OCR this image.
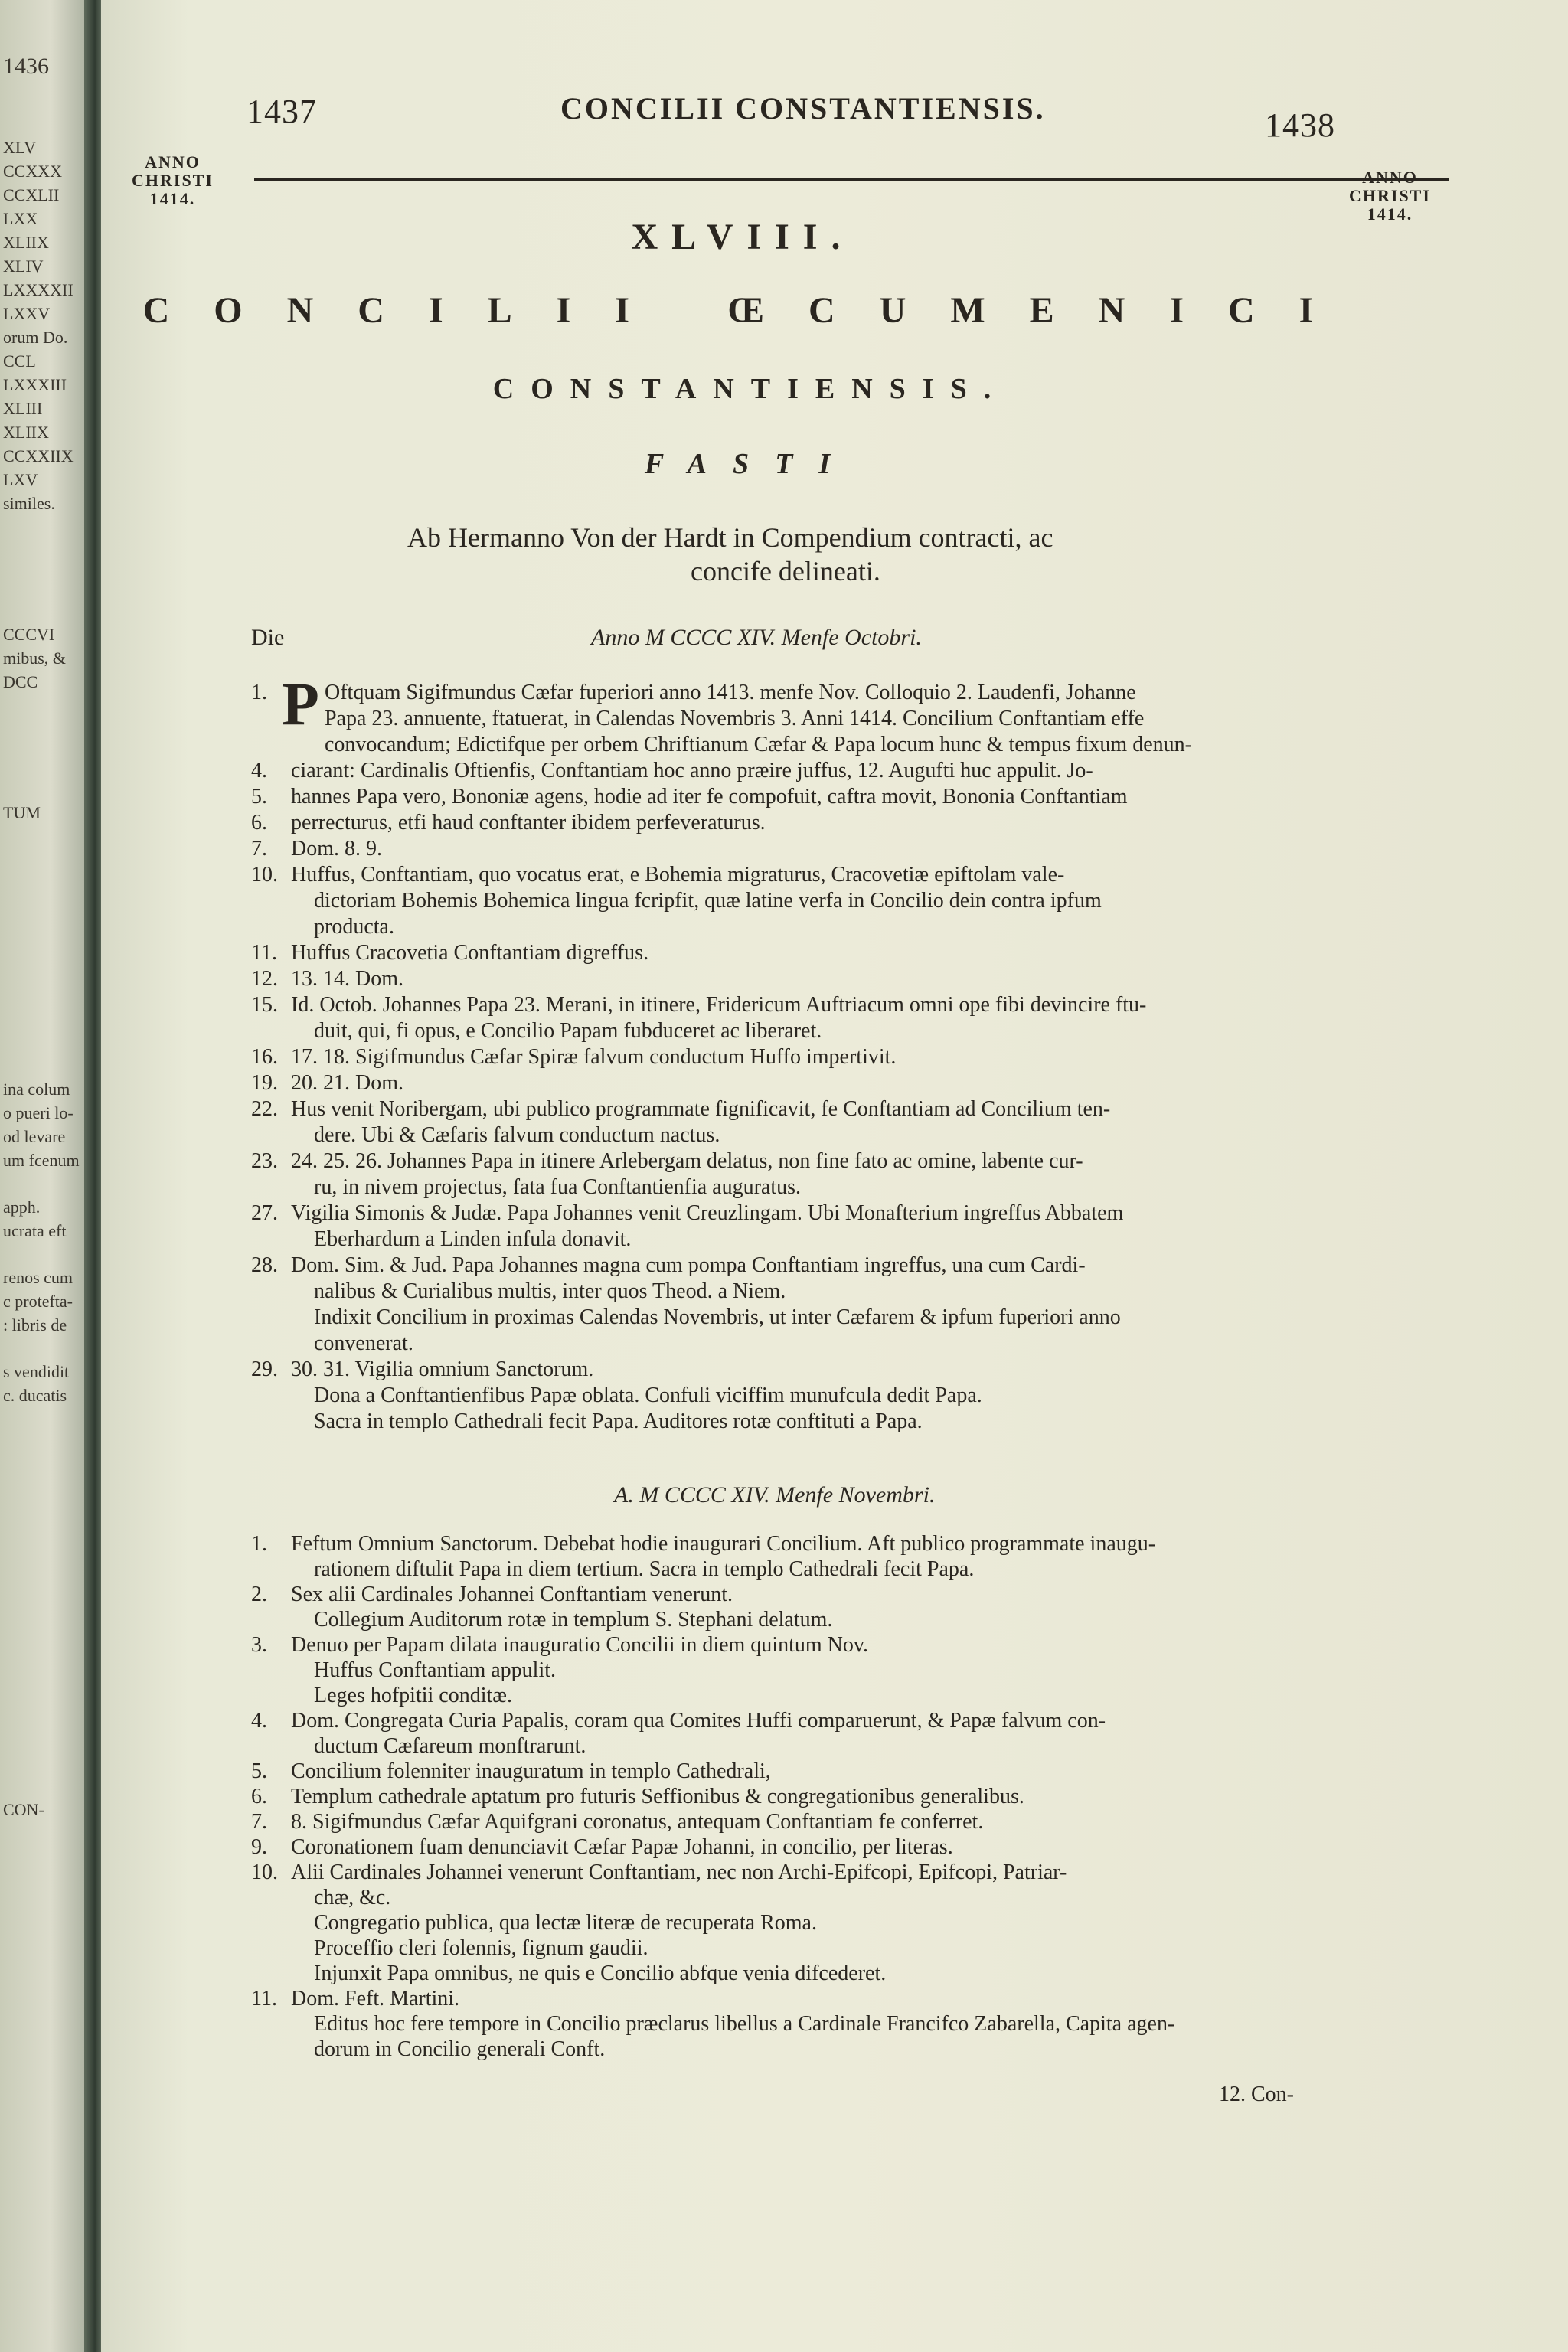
1436
XLV
CCXXX
CCXLII
LXX
XLIIX
XLIV
LXXXXII
LXXV
orum Do.
CCL
LXXXIII
XLIII
XLIIX
CCXXIIX
LXV
similes.
CCCVI
mibus, &
DCC
TUM
ina colum
o pueri lo-
od levare
um fcenum
apph.
ucrata eft
renos cum
c protefta-
: libris de
s vendidit
c. ducatis
CON-
1437	CONCILII CONSTANTIENSIS.	1438
ANNO
CHRISTI
1414.
ANNO
CHRISTI
1414.
XLVIII.
CONCILII ŒCUMENICI
CONSTANTIENSIS.
FASTI
Ab Hermanno Von der Hardt in Compendium contracti, ac
concife delineati.
Die	Anno M CCCC XIV. Menfe Octobri.
P
1.	Oftquam Sigifmundus Cæfar fuperiori anno 1413. menfe Nov. Colloquio 2. Laudenfi, Johanne
Papa 23. annuente, ftatuerat, in Calendas Novembris 3. Anni 1414. Concilium Conftantiam effe
convocandum; Edictifque per orbem Chriftianum Cæfar & Papa locum hunc & tempus fixum denun-
4. ciarant: Cardinalis Oftienfis, Conftantiam hoc anno præire juffus, 12. Augufti huc appulit. Jo-
5. hannes Papa vero, Bononiæ agens, hodie ad iter fe compofuit, caftra movit, Bononia Conftantiam
6. perrecturus, etfi haud conftanter ibidem perfeveraturus.
7. Dom. 8. 9.
10. Huffus, Conftantiam, quo vocatus erat, e Bohemia migraturus, Cracovetiæ epiftolam vale-
dictoriam Bohemis Bohemica lingua fcripfit, quæ latine verfa in Concilio dein contra ipfum
producta.
11. Huffus Cracovetia Conftantiam digreffus.
12. 13. 14. Dom.
15. Id. Octob. Johannes Papa 23. Merani, in itinere, Fridericum Auftriacum omni ope fibi devincire ftu-
duit, qui, fi opus, e Concilio Papam fubduceret ac liberaret.
16. 17. 18. Sigifmundus Cæfar Spiræ falvum conductum Huffo impertivit.
19. 20. 21. Dom.
22. Hus venit Noribergam, ubi publico programmate fignificavit, fe Conftantiam ad Concilium ten-
dere. Ubi & Cæfaris falvum conductum nactus.
23. 24. 25. 26. Johannes Papa in itinere Arlebergam delatus, non fine fato ac omine, labente cur-
ru, in nivem projectus, fata fua Conftantienfia auguratus.
27. Vigilia Simonis & Judæ. Papa Johannes venit Creuzlingam. Ubi Monafterium ingreffus Abbatem
Eberhardum a Linden infula donavit.
28. Dom. Sim. & Jud. Papa Johannes magna cum pompa Conftantiam ingreffus, una cum Cardi-
nalibus & Curialibus multis, inter quos Theod. a Niem.
Indixit Concilium in proximas Calendas Novembris, ut inter Cæfarem & ipfum fuperiori anno
convenerat.
29. 30. 31. Vigilia omnium Sanctorum.
Dona a Conftantienfibus Papæ oblata. Confuli viciffim munufcula dedit Papa.
Sacra in templo Cathedrali fecit Papa. Auditores rotæ conftituti a Papa.
A. M CCCC XIV. Menfe Novembri.
1. Feftum Omnium Sanctorum. Debebat hodie inaugurari Concilium. Aft publico programmate inaugu-
rationem diftulit Papa in diem tertium. Sacra in templo Cathedrali fecit Papa.
2. Sex alii Cardinales Johannei Conftantiam venerunt.
Collegium Auditorum rotæ in templum S. Stephani delatum.
3. Denuo per Papam dilata inauguratio Concilii in diem quintum Nov.
Huffus Conftantiam appulit.
Leges hofpitii conditæ.
4. Dom. Congregata Curia Papalis, coram qua Comites Huffi comparuerunt, & Papæ falvum con-
ductum Cæfareum monftrarunt.
5. Concilium folenniter inauguratum in templo Cathedrali,
6. Templum cathedrale aptatum pro futuris Seffionibus & congregationibus generalibus.
7. 8. Sigifmundus Cæfar Aquifgrani coronatus, antequam Conftantiam fe conferret.
9. Coronationem fuam denunciavit Cæfar Papæ Johanni, in concilio, per literas.
10. Alii Cardinales Johannei venerunt Conftantiam, nec non Archi-Epifcopi, Epifcopi, Patriar-
chæ, &c.
Congregatio publica, qua lectæ literæ de recuperata Roma.
Proceffio cleri folennis, fignum gaudii.
Injunxit Papa omnibus, ne quis e Concilio abfque venia difcederet.
11. Dom. Feft. Martini.
Editus hoc fere tempore in Concilio præclarus libellus a Cardinale Francifco Zabarella, Capita agen-
dorum in Concilio generali Conft.
12. Con-
